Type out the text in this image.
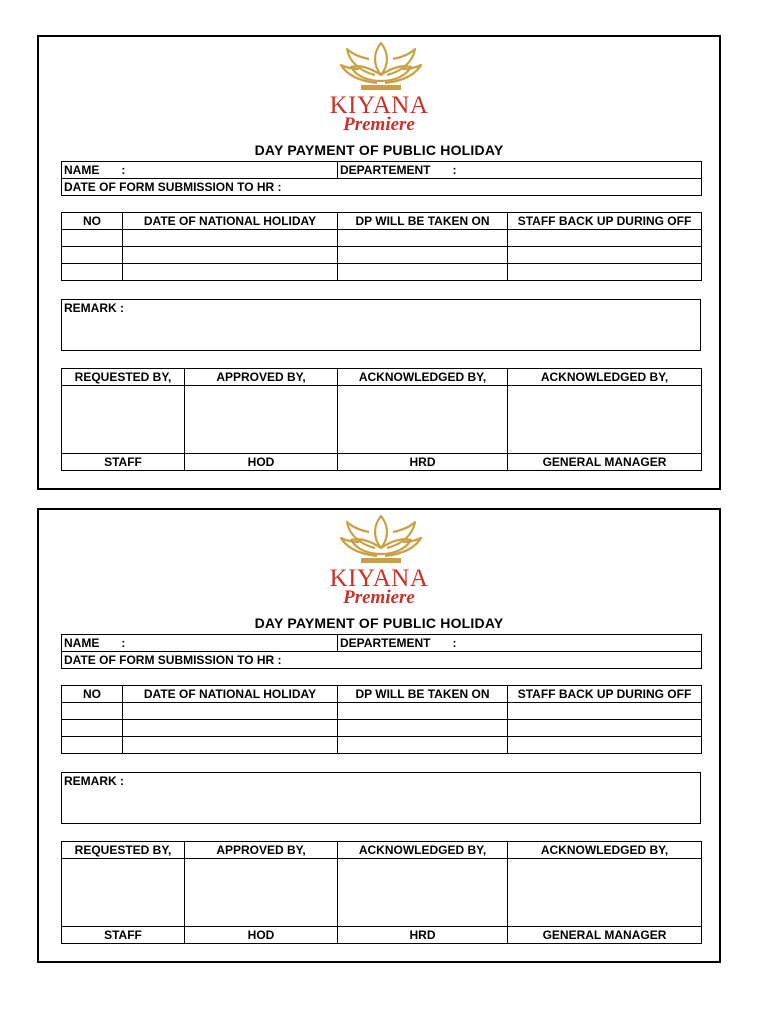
KIYANA
Premiere
DAY PAYMENT OF PUBLIC HOLIDAY
NAME :	DEPARTEMENT :
DATE OF FORM SUBMISSION TO HR :
NO	DATE OF NATIONAL HOLIDAY	DP WILL BE TAKEN ON	STAFF BACK UP DURING OFF

REMARK :
REQUESTED BY,	APPROVED BY,	ACKNOWLEDGED BY,	ACKNOWLEDGED BY,

STAFF	HOD	HRD	GENERAL MANAGER
KIYANA
Premiere
DAY PAYMENT OF PUBLIC HOLIDAY
NAME :	DEPARTEMENT :
DATE OF FORM SUBMISSION TO HR :
NO	DATE OF NATIONAL HOLIDAY	DP WILL BE TAKEN ON	STAFF BACK UP DURING OFF

REMARK :
REQUESTED BY,	APPROVED BY,	ACKNOWLEDGED BY,	ACKNOWLEDGED BY,

STAFF	HOD	HRD	GENERAL MANAGER
